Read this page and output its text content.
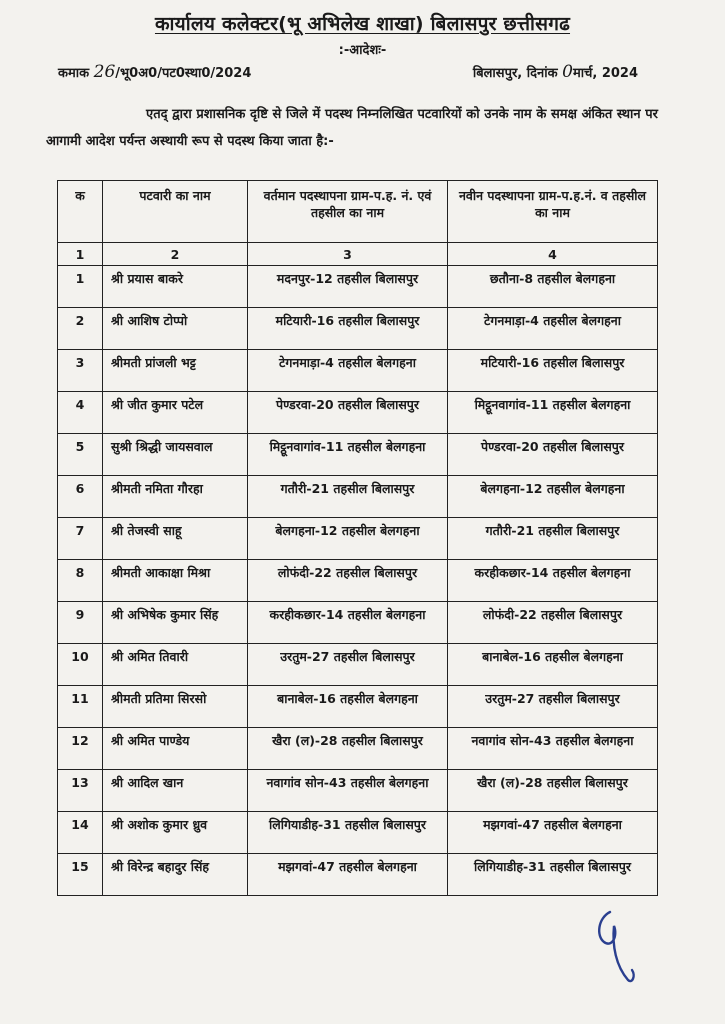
कार्यालय कलेक्टर(भू अभिलेख शाखा) बिलासपुर छत्तीसगढ
:-आदेशः-
कमाक 26/भू0अ0/पट0स्था0/2024	बिलासपुर, दिनांक 0मार्च, 2024
एतद् द्वारा प्रशासनिक दृष्टि से जिले में पदस्थ निम्नलिखित पटवारियों को उनके नाम के समक्ष अंकित स्थान पर आगामी आदेश पर्यन्त अस्थायी रूप से पदस्थ किया जाता है:-
क	पटवारी का नाम	वर्तमान पदस्थापना ग्राम-प.ह. नं. एवं तहसील का नाम	नवीन पदस्थापना ग्राम-प.ह.नं. व तहसील का नाम
1	2	3	4
1	श्री प्रयास बाकरे	मदनपुर-12 तहसील बिलासपुर	छतौना-8 तहसील बेलगहना
2	श्री आशिष टोप्पो	मटियारी-16 तहसील बिलासपुर	टेगनमाड़ा-4 तहसील बेलगहना
3	श्रीमती प्रांजली भट्ट	टेगनमाड़ा-4 तहसील बेलगहना	मटियारी-16 तहसील बिलासपुर
4	श्री जीत कुमार पटेल	पेण्डरवा-20 तहसील बिलासपुर	मिट्ठूनवागांव-11 तहसील बेलगहना
5	सुश्री श्रिद्धी जायसवाल	मिट्ठूनवागांव-11 तहसील बेलगहना	पेण्डरवा-20 तहसील बिलासपुर
6	श्रीमती नमिता गौरहा	गतौरी-21 तहसील बिलासपुर	बेलगहना-12 तहसील बेलगहना
7	श्री तेजस्वी साहू	बेलगहना-12 तहसील बेलगहना	गतौरी-21 तहसील बिलासपुर
8	श्रीमती आकाक्षा मिश्रा	लोफंदी-22 तहसील बिलासपुर	करहीकछार-14 तहसील बेलगहना
9	श्री अभिषेक कुमार सिंह	करहीकछार-14 तहसील बेलगहना	लोफंदी-22 तहसील बिलासपुर
10	श्री अमित तिवारी	उरतुम-27 तहसील बिलासपुर	बानाबेल-16 तहसील बेलगहना
11	श्रीमती प्रतिमा सिरसो	बानाबेल-16 तहसील बेलगहना	उरतुम-27 तहसील बिलासपुर
12	श्री अमित पाण्डेय	खैरा (ल)-28 तहसील बिलासपुर	नवागांव सोन-43 तहसील बेलगहना
13	श्री आदिल खान	नवागांव सोन-43 तहसील बेलगहना	खैरा (ल)-28 तहसील बिलासपुर
14	श्री अशोक कुमार ध्रुव	लिगियाडीह-31 तहसील बिलासपुर	मझगवां-47 तहसील बेलगहना
15	श्री विरेन्द्र बहादुर सिंह	मझगवां-47 तहसील बेलगहना	लिगियाडीह-31 तहसील बिलासपुर
